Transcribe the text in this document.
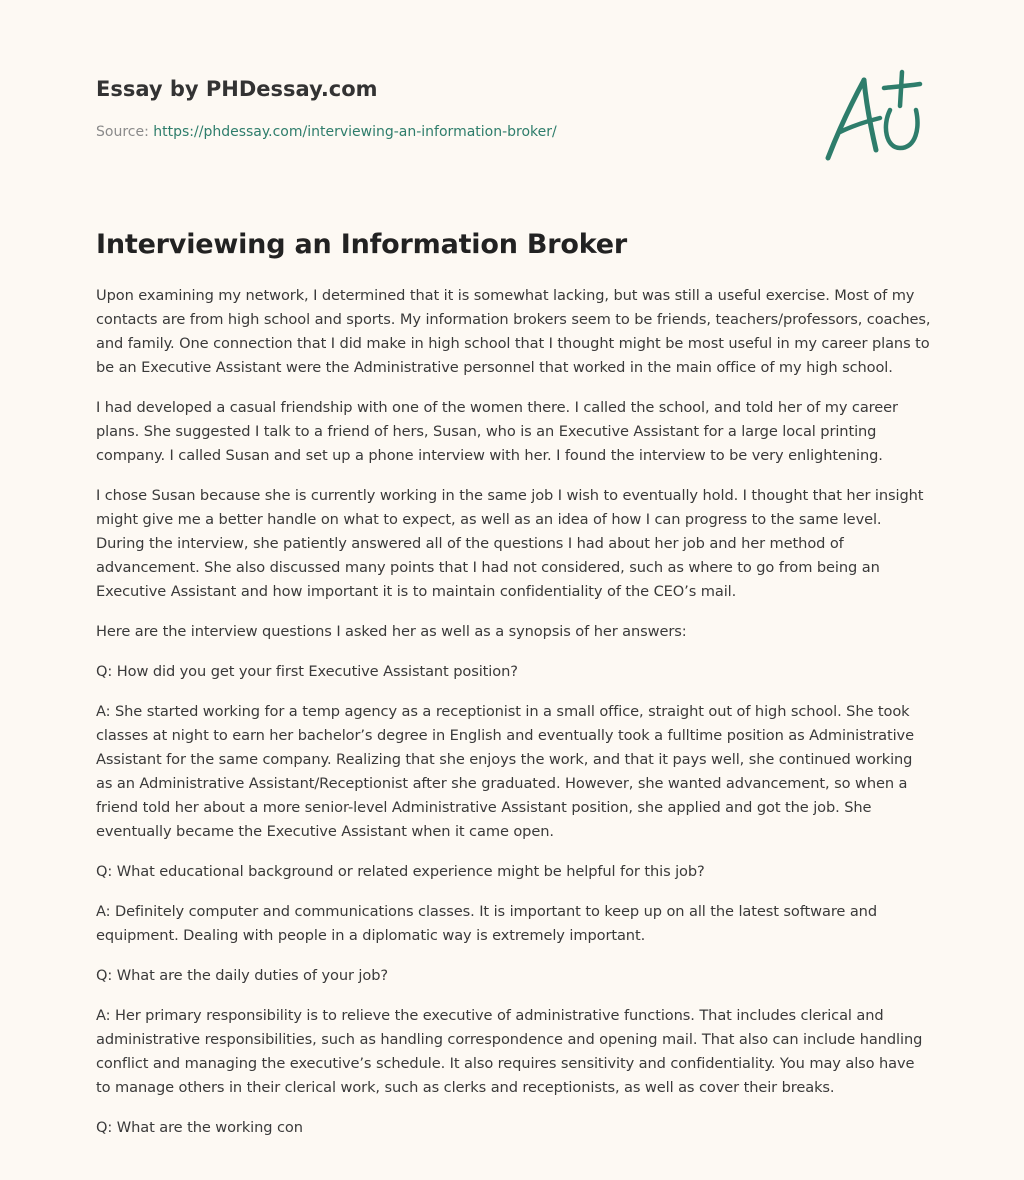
Essay by PHDessay.com
Source: https://phdessay.com/interviewing-an-information-broker/
Interviewing an Information Broker

Upon examining my network, I determined that it is somewhat lacking, but was still a useful exercise. Most of my contacts are from high school and sports. My information brokers seem to be friends, teachers/professors, coaches, and family. One connection that I did make in high school that I thought might be most useful in my career plans to be an Executive Assistant were the Administrative personnel that worked in the main office of my high school.

I had developed a casual friendship with one of the women there. I called the school, and told her of my career plans. She suggested I talk to a friend of hers, Susan, who is an Executive Assistant for a large local printing company. I called Susan and set up a phone interview with her. I found the interview to be very enlightening.

I chose Susan because she is currently working in the same job I wish to eventually hold. I thought that her insight might give me a better handle on what to expect, as well as an idea of how I can progress to the same level. During the interview, she patiently answered all of the questions I had about her job and her method of advancement. She also discussed many points that I had not considered, such as where to go from being an Executive Assistant and how important it is to maintain confidentiality of the CEO’s mail.

Here are the interview questions I asked her as well as a synopsis of her answers:

Q: How did you get your first Executive Assistant position?

A: She started working for a temp agency as a receptionist in a small office, straight out of high school. She took classes at night to earn her bachelor’s degree in English and eventually took a fulltime position as Administrative Assistant for the same company. Realizing that she enjoys the work, and that it pays well, she continued working as an Administrative Assistant/Receptionist after she graduated. However, she wanted advancement, so when a friend told her about a more senior-level Administrative Assistant position, she applied and got the job. She eventually became the Executive Assistant when it came open.

Q: What educational background or related experience might be helpful for this job?

A: Definitely computer and communications classes. It is important to keep up on all the latest software and equipment. Dealing with people in a diplomatic way is extremely important.

Q: What are the daily duties of your job?

A: Her primary responsibility is to relieve the executive of administrative functions. That includes clerical and administrative responsibilities, such as handling correspondence and opening mail. That also can include handling conflict and managing the executive’s schedule. It also requires sensitivity and confidentiality. You may also have to manage others in their clerical work, such as clerks and receptionists, as well as cover their breaks.

Q: What are the working con
